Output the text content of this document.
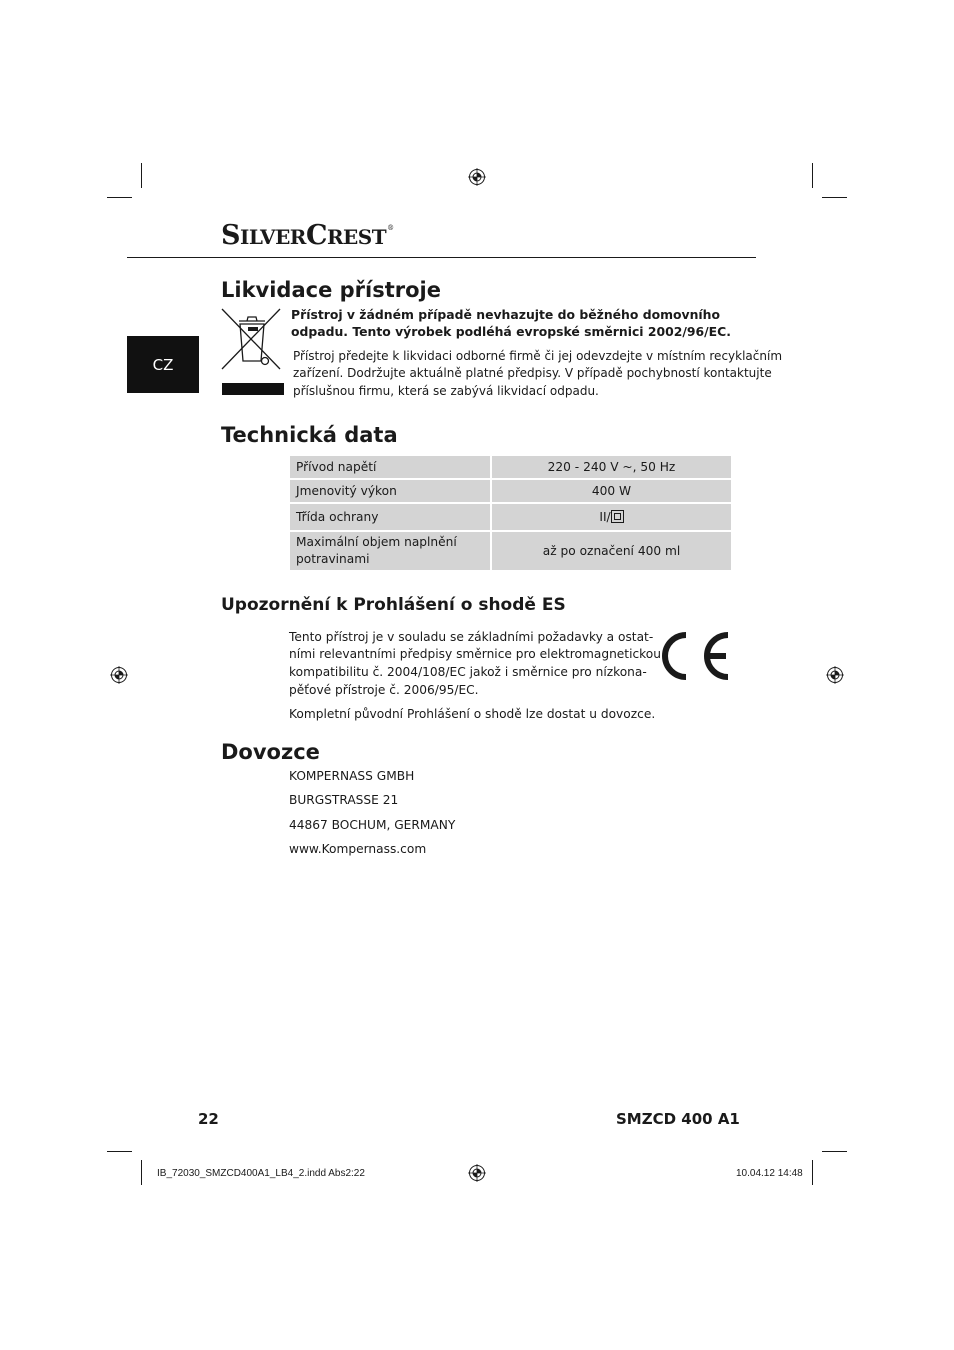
SILVERCREST®
CZ
Likvidace přístroje
Přístroj v žádném případě nevhazujte do běžného domovního
odpadu. Tento výrobek podléhá evropské směrnici 2002/96/EC.
Přístroj předejte k likvidaci odborné firmě či jej odevzdejte v místním recyklačním
zařízení. Dodržujte aktuálně platné předpisy. V případě pochybností kontaktujte
příslušnou firmu, která se zabývá likvidací odpadu.
Technická data
Přívod napětí	220 - 240 V ~, 50 Hz
Jmenovitý výkon	400 W
Třída ochrany	II/

Maximální objem naplnění
potravinami	až po označení 400 ml
Upozornění k Prohlášení o shodě ES
Tento přístroj je v souladu se základními požadavky a ostat-
ními relevantními předpisy směrnice pro elektromagnetickou
kompatibilitu č. 2004/108/EC jakož i směrnice pro nízkona-
pěťové přístroje č. 2006/95/EC.
Kompletní původní Prohlášení o shodě lze dostat u dovozce.
Dovozce
KOMPERNASS GMBH
BURGSTRASSE 21
44867 BOCHUM, GERMANY
www.Kompernass.com
22	SMZCD 400 A1
IB_72030_SMZCD400A1_LB4_2.indd Abs2:22	10.04.12 14:48
